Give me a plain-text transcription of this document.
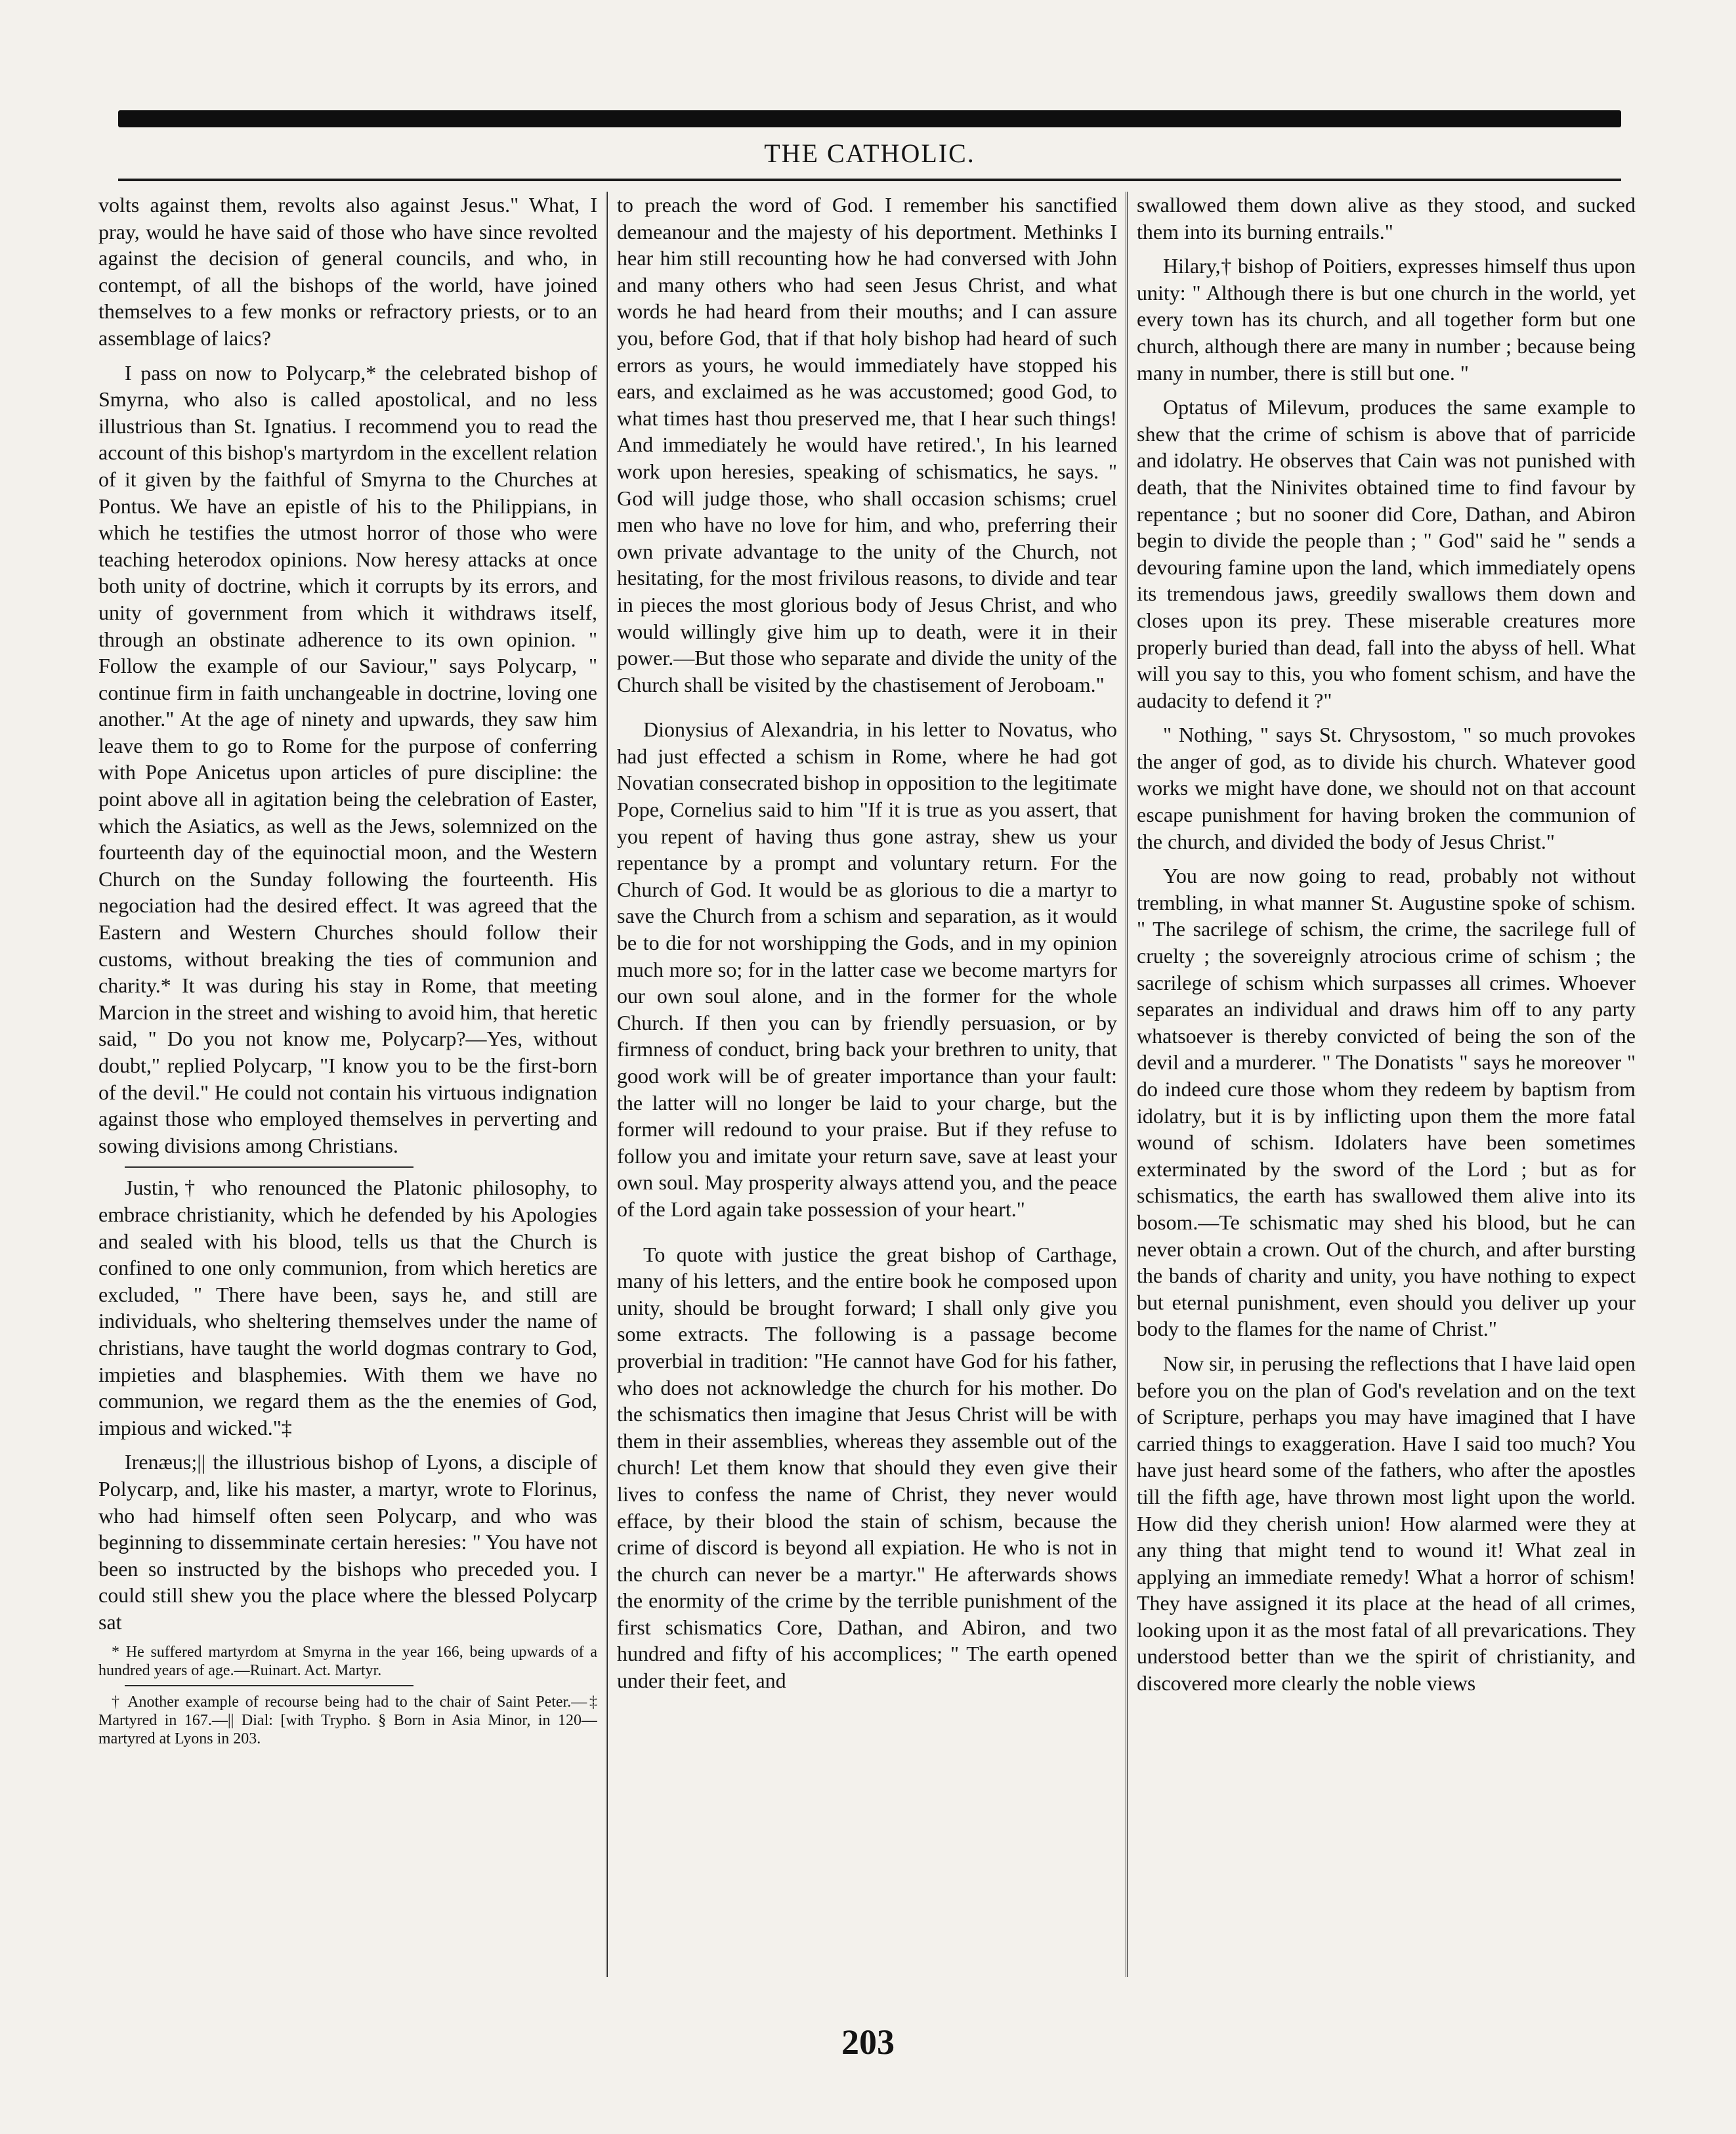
THE CATHOLIC.

volts against them, revolts also against Jesus." What, I pray, would he have said of those who have since revolted against the decision of general councils, and who, in contempt, of all the bishops of the world, have joined themselves to a few monks or refractory priests, or to an assemblage of laics?

I pass on now to Polycarp,* the celebrated bishop of Smyrna, who also is called apostolical, and no less illustrious than St. Ignatius. I recommend you to read the account of this bishop's martyrdom in the excellent relation of it given by the faithful of Smyrna to the Churches at Pontus. We have an epistle of his to the Philippians, in which he testifies the utmost horror of those who were teaching heterodox opinions. Now heresy attacks at once both unity of doctrine, which it corrupts by its errors, and unity of government from which it withdraws itself, through an obstinate adherence to its own opinion. " Follow the example of our Saviour," says Polycarp, " continue firm in faith unchangeable in doctrine, loving one another." At the age of ninety and upwards, they saw him leave them to go to Rome for the purpose of conferring with Pope Anicetus upon articles of pure discipline: the point above all in agitation being the celebration of Easter, which the Asiatics, as well as the Jews, solemnized on the fourteenth day of the equinoctial moon, and the Western Church on the Sunday following the fourteenth. His negociation had the desired effect. It was agreed that the Eastern and Western Churches should follow their customs, without breaking the ties of communion and charity.* It was during his stay in Rome, that meeting Marcion in the street and wishing to avoid him, that heretic said, " Do you not know me, Polycarp?—Yes, without doubt," replied Polycarp, "I know you to be the first-born of the devil." He could not contain his virtuous indignation against those who employed themselves in perverting and sowing divisions among Christians.

Justin,† who renounced the Platonic philosophy, to embrace christianity, which he defended by his Apologies and sealed with his blood, tells us that the Church is confined to one only communion, from which heretics are excluded, " There have been, says he, and still are individuals, who sheltering themselves under the name of christians, have taught the world dogmas contrary to God, impieties and blasphemies. With them we have no communion, we regard them as the the enemies of God, impious and wicked."‡

Irenæus;|| the illustrious bishop of Lyons, a disciple of Polycarp, and, like his master, a martyr, wrote to Florinus, who had himself often seen Polycarp, and who was beginning to dissemminate certain heresies: " You have not been so instructed by the bishops who preceded you. I could still shew you the place where the blessed Polycarp sat

* He suffered martyrdom at Smyrna in the year 166, being upwards of a hundred years of age.—Ruinart. Act. Martyr.

† Another example of recourse being had to the chair of Saint Peter.—‡ Martyred in 167.—|| Dial: [with Trypho. § Born in Asia Minor, in 120—martyred at Lyons in 203.

to preach the word of God. I remember his sanctified demeanour and the majesty of his deportment. Methinks I hear him still recounting how he had conversed with John and many others who had seen Jesus Christ, and what words he had heard from their mouths; and I can assure you, before God, that if that holy bishop had heard of such errors as yours, he would immediately have stopped his ears, and exclaimed as he was accustomed; good God, to what times hast thou preserved me, that I hear such things! And immediately he would have retired.', In his learned work upon heresies, speaking of schismatics, he says. " God will judge those, who shall occasion schisms; cruel men who have no love for him, and who, preferring their own private advantage to the unity of the Church, not hesitating, for the most frivilous reasons, to divide and tear in pieces the most glorious body of Jesus Christ, and who would willingly give him up to death, were it in their power.—But those who separate and divide the unity of the Church shall be visited by the chastisement of Jeroboam."

Dionysius of Alexandria, in his letter to Novatus, who had just effected a schism in Rome, where he had got Novatian consecrated bishop in opposition to the legitimate Pope, Cornelius said to him "If it is true as you assert, that you repent of having thus gone astray, shew us your repentance by a prompt and voluntary return. For the Church of God. It would be as glorious to die a martyr to save the Church from a schism and separation, as it would be to die for not worshipping the Gods, and in my opinion much more so; for in the latter case we become martyrs for our own soul alone, and in the former for the whole Church. If then you can by friendly persuasion, or by firmness of conduct, bring back your brethren to unity, that good work will be of greater importance than your fault: the latter will no longer be laid to your charge, but the former will redound to your praise. But if they refuse to follow you and imitate your return save, save at least your own soul. May prosperity always attend you, and the peace of the Lord again take possession of your heart."

To quote with justice the great bishop of Carthage, many of his letters, and the entire book he composed upon unity, should be brought forward; I shall only give you some extracts. The following is a passage become proverbial in tradition: "He cannot have God for his father, who does not acknowledge the church for his mother. Do the schismatics then imagine that Jesus Christ will be with them in their assemblies, whereas they assemble out of the church! Let them know that should they even give their lives to confess the name of Christ, they never would efface, by their blood the stain of schism, because the crime of discord is beyond all expiation. He who is not in the church can never be a martyr." He afterwards shows the enormity of the crime by the terrible punishment of the first schismatics Core, Dathan, and Abiron, and two hundred and fifty of his accomplices; " The earth opened under their feet, and

swallowed them down alive as they stood, and sucked them into its burning entrails."

Hilary,† bishop of Poitiers, expresses himself thus upon unity: " Although there is but one church in the world, yet every town has its church, and all together form but one church, although there are many in number ; because being many in number, there is still but one. "

Optatus of Milevum, produces the same example to shew that the crime of schism is above that of parricide and idolatry. He observes that Cain was not punished with death, that the Ninivites obtained time to find favour by repentance ; but no sooner did Core, Dathan, and Abiron begin to divide the people than ; " God" said he " sends a devouring famine upon the land, which immediately opens its tremendous jaws, greedily swallows them down and closes upon its prey. These miserable creatures more properly buried than dead, fall into the abyss of hell. What will you say to this, you who foment schism, and have the audacity to defend it ?"

" Nothing, " says St. Chrysostom, " so much provokes the anger of god, as to divide his church. Whatever good works we might have done, we should not on that account escape punishment for having broken the communion of the church, and divided the body of Jesus Christ."

You are now going to read, probably not without trembling, in what manner St. Augustine spoke of schism. " The sacrilege of schism, the crime, the sacrilege full of cruelty ; the sovereignly atrocious crime of schism ; the sacrilege of schism which surpasses all crimes. Whoever separates an individual and draws him off to any party whatsoever is thereby convicted of being the son of the devil and a murderer. " The Donatists " says he moreover " do indeed cure those whom they redeem by baptism from idolatry, but it is by inflicting upon them the more fatal wound of schism. Idolaters have been sometimes exterminated by the sword of the Lord ; but as for schismatics, the earth has swallowed them alive into its bosom.—Te schismatic may shed his blood, but he can never obtain a crown. Out of the church, and after bursting the bands of charity and unity, you have nothing to expect but eternal punishment, even should you deliver up your body to the flames for the name of Christ."

Now sir, in perusing the reflections that I have laid open before you on the plan of God's revelation and on the text of Scripture, perhaps you may have imagined that I have carried things to exaggeration. Have I said too much? You have just heard some of the fathers, who after the apostles till the fifth age, have thrown most light upon the world. How did they cherish union! How alarmed were they at any thing that might tend to wound it! What zeal in applying an immediate remedy! What a horror of schism! They have assigned it its place at the head of all crimes, looking upon it as the most fatal of all prevarications. They understood better than we the spirit of christianity, and discovered more clearly the noble views

203
